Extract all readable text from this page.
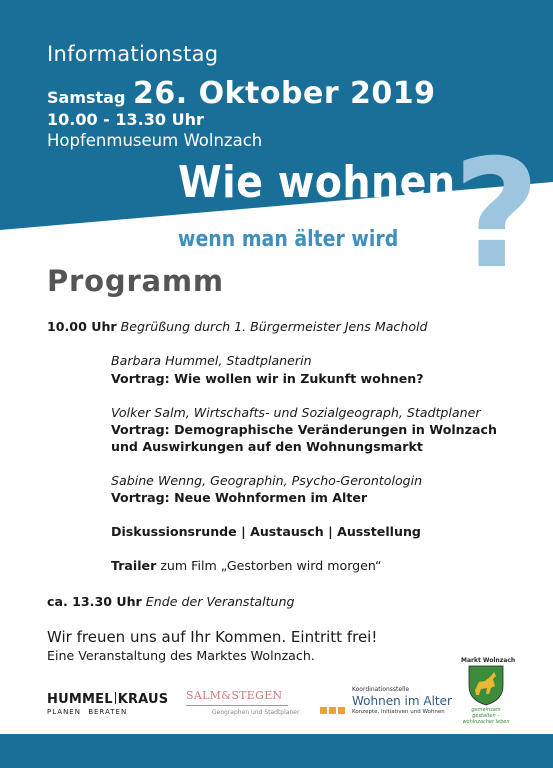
Informationstag
Samstag 26. Oktober 2019
10.00 - 13.30 Uhr
Hopfenmuseum Wolnzach
Wie wohnen
wenn man älter wird ?
Programm
10.00 Uhr Begrüßung durch 1. Bürgermeister Jens Machold
Barbara Hummel, Stadtplanerin
Vortrag: Wie wollen wir in Zukunft wohnen?
Volker Salm, Wirtschafts- und Sozialgeograph, Stadtplaner
Vortrag: Demographische Veränderungen in Wolnzach
und Auswirkungen auf den Wohnungsmarkt
Sabine Wenng, Geographin, Psycho-Gerontologin
Vortrag: Neue Wohnformen im Alter
Diskussionsrunde | Austausch | Ausstellung
Trailer zum Film „Gestorben wird morgen“
ca. 13.30 Uhr Ende der Veranstaltung
Wir freuen uns auf Ihr Kommen. Eintritt frei!
Eine Veranstaltung des Marktes Wolnzach.
HUMMEL KRAUS
PLANEN BERATEN
SALM&STEGEN
Geographen und Stadtplaner
Koordinationsstelle
Wohnen im Alter
Konzepte, Initiativen und Wohnen
Markt Wolnzach
gemeinsam gestalten – wohlnzacher leben
